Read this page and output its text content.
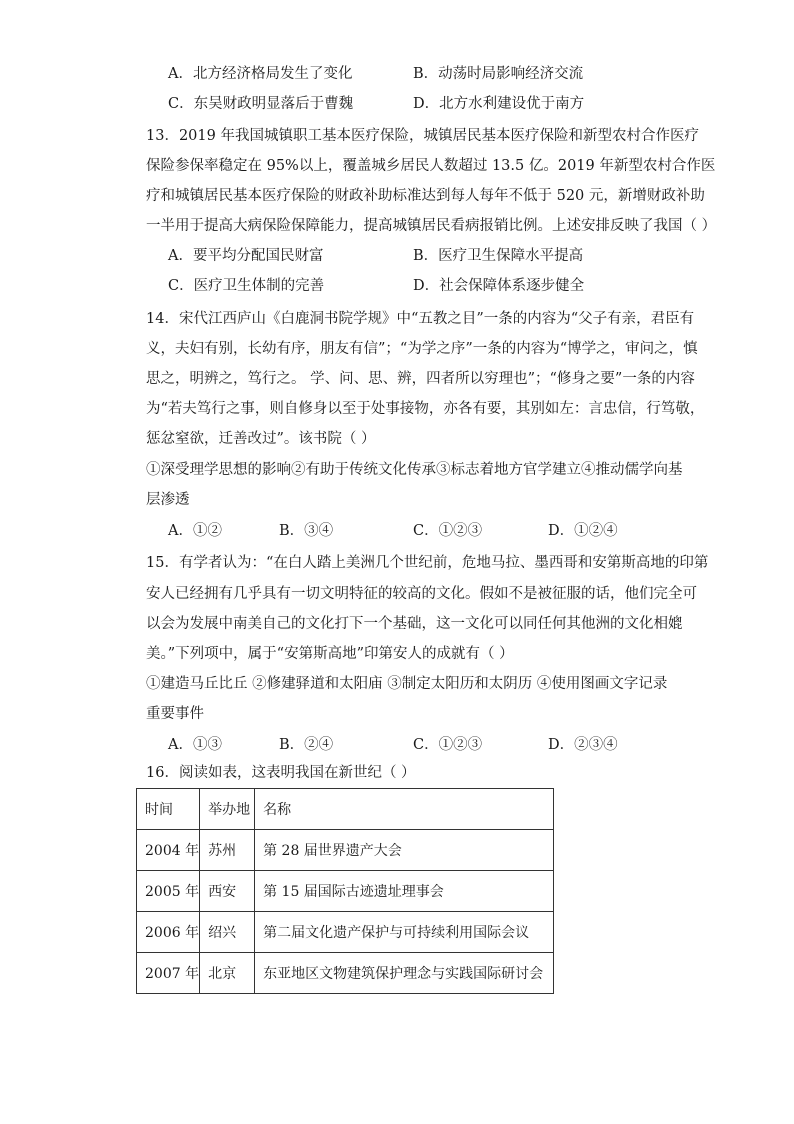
A．北方经济格局发生了变化	B．动荡时局影响经济交流
C．东吴财政明显落后于曹魏	D．北方水利建设优于南方
13．2019 年我国城镇职工基本医疗保险，城镇居民基本医疗保险和新型农村合作医疗
保险参保率稳定在 95%以上，覆盖城乡居民人数超过 13.5 亿。2019 年新型农村合作医
疗和城镇居民基本医疗保险的财政补助标准达到每人每年不低于 520 元，新增财政补助
一半用于提高大病保险保障能力，提高城镇居民看病报销比例。上述安排反映了我国（ ）
A．要平均分配国民财富	B．医疗卫生保障水平提高
C．医疗卫生体制的完善	D．社会保障体系逐步健全
14．宋代江西庐山《白鹿洞书院学规》中“五教之目”一条的内容为“父子有亲，君臣有
义，夫妇有别，长幼有序，朋友有信”；“为学之序”一条的内容为“博学之，审问之，慎
思之，明辨之，笃行之。 学、问、思、辨，四者所以穷理也”；“修身之要”一条的内容
为“若夫笃行之事，则自修身以至于处事接物，亦各有要，其别如左：言忠信，行笃敬，
惩忿窒欲，迁善改过”。该书院（ ）
①深受理学思想的影响②有助于传统文化传承③标志着地方官学建立④推动儒学向基
层渗透
A．①②	B．③④	C．①②③	D．①②④
15．有学者认为：“在白人踏上美洲几个世纪前，危地马拉、墨西哥和安第斯高地的印第
安人已经拥有几乎具有一切文明特征的较高的文化。假如不是被征服的话，他们完全可
以会为发展中南美自己的文化打下一个基础，这一文化可以同任何其他洲的文化相媲
美。”下列项中，属于“安第斯高地”印第安人的成就有（ ）
①建造马丘比丘 ②修建驿道和太阳庙 ③制定太阳历和太阴历 ④使用图画文字记录
重要事件
A．①③	B．②④	C．①②③	D．②③④
16．阅读如表，这表明我国在新世纪（ ）
时间	举办地	名称
2004 年	苏州	第 28 届世界遗产大会
2005 年	西安	第 15 届国际古迹遗址理事会
2006 年	绍兴	第二届文化遗产保护与可持续利用国际会议
2007 年	北京	东亚地区文物建筑保护理念与实践国际研讨会
